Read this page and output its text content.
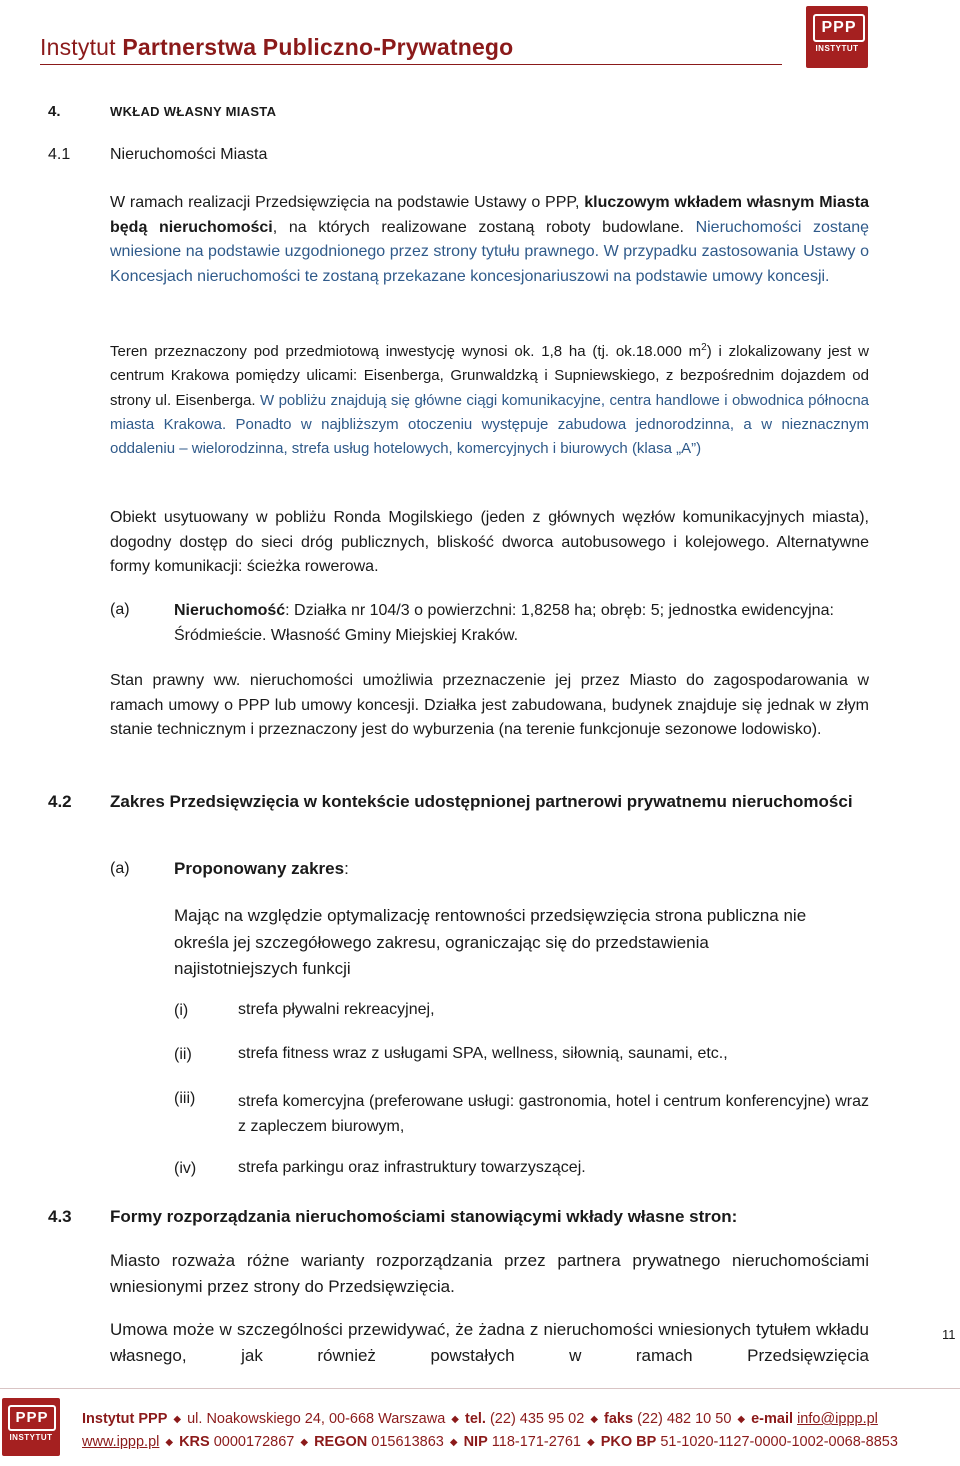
Instytut Partnerstwa Publiczno-Prywatnego
PPP
INSTYTUT
4.	WKŁAD WŁASNY MIASTA
4.1 Nieruchomości Miasta
W ramach realizacji Przedsięwzięcia na podstawie Ustawy o PPP, kluczowym wkładem własnym Miasta będą nieruchomości, na których realizowane zostaną roboty budowlane. Nieruchomości zostanę wniesione na podstawie uzgodnionego przez strony tytułu prawnego. W przypadku zastosowania Ustawy o Koncesjach nieruchomości te zostaną przekazane koncesjonariuszowi na podstawie umowy koncesji.
Teren przeznaczony pod przedmiotową inwestycję wynosi ok. 1,8 ha (tj. ok.18.000 $m^2$) i zlokalizowany jest w centrum Krakowa pomiędzy ulicami: Eisenberga, Grunwaldzką i Supniewskiego, z bezpośrednim dojazdem od strony ul. Eisenberga. W pobliżu znajdują się główne ciągi komunikacyjne, centra handlowe i obwodnica północna miasta Krakowa. Ponadto w najbliższym otoczeniu występuje zabudowa jednorodzinna, a w nieznacznym oddaleniu – wielorodzinna, strefa usług hotelowych, komercyjnych i biurowych (klasa „A”)
Obiekt usytuowany w pobliżu Ronda Mogilskiego (jeden z głównych węzłów komunikacyjnych miasta), dogodny dostęp do sieci dróg publicznych, bliskość dworca autobusowego i kolejowego. Alternatywne formy komunikacji: ścieżka rowerowa.
(a)	Nieruchomość: Działka nr 104/3 o powierzchni: 1,8258 ha; obręb: 5; jednostka ewidencyjna: Śródmieście. Własność Gminy Miejskiej Kraków.
Stan prawny ww. nieruchomości umożliwia przeznaczenie jej przez Miasto do zagospodarowania w ramach umowy o PPP lub umowy koncesji. Działka jest zabudowana, budynek znajduje się jednak w złym stanie technicznym i przeznaczony jest do wyburzenia (na terenie funkcjonuje sezonowe lodowisko).
4.2 Zakres Przedsięwzięcia w kontekście udostępnionej partnerowi prywatnemu nieruchomości
(a)	Proponowany zakres:
Mając na względzie optymalizację rentowności przedsięwzięcia strona publiczna nie określa jej szczegółowego zakresu, ograniczając się do przedstawienia najistotniejszych funkcji
(i)	strefa pływalni rekreacyjnej,
(ii)	strefa fitness wraz z usługami SPA, wellness, siłownią, saunami, etc.,
(iii)	strefa komercyjna (preferowane usługi: gastronomia, hotel i centrum konferencyjne) wraz z zapleczem biurowym,
(iv)	strefa parkingu oraz infrastruktury towarzyszącej.
4.3 Formy rozporządzania nieruchomościami stanowiącymi wkłady własne stron:
Miasto rozważa różne warianty rozporządzania przez partnera prywatnego nieruchomościami wniesionymi przez strony do Przedsięwzięcia.
Umowa może w szczególności przewidywać, że żadna z nieruchomości wniesionych tytułem wkładu własnego, jak również powstałych w ramach Przedsięwzięcia
11
PPP
INSTYTUT
Instytut PPP ◆ ul. Noakowskiego 24, 00-668 Warszawa ◆ tel. (22) 435 95 02 ◆ faks (22) 482 10 50 ◆ e-mail info@ippp.pl
www.ippp.pl ◆ KRS 0000172867 ◆ REGON 015613863 ◆ NIP 118-171-2761 ◆ PKO BP 51-1020-1127-0000-1002-0068-8853
